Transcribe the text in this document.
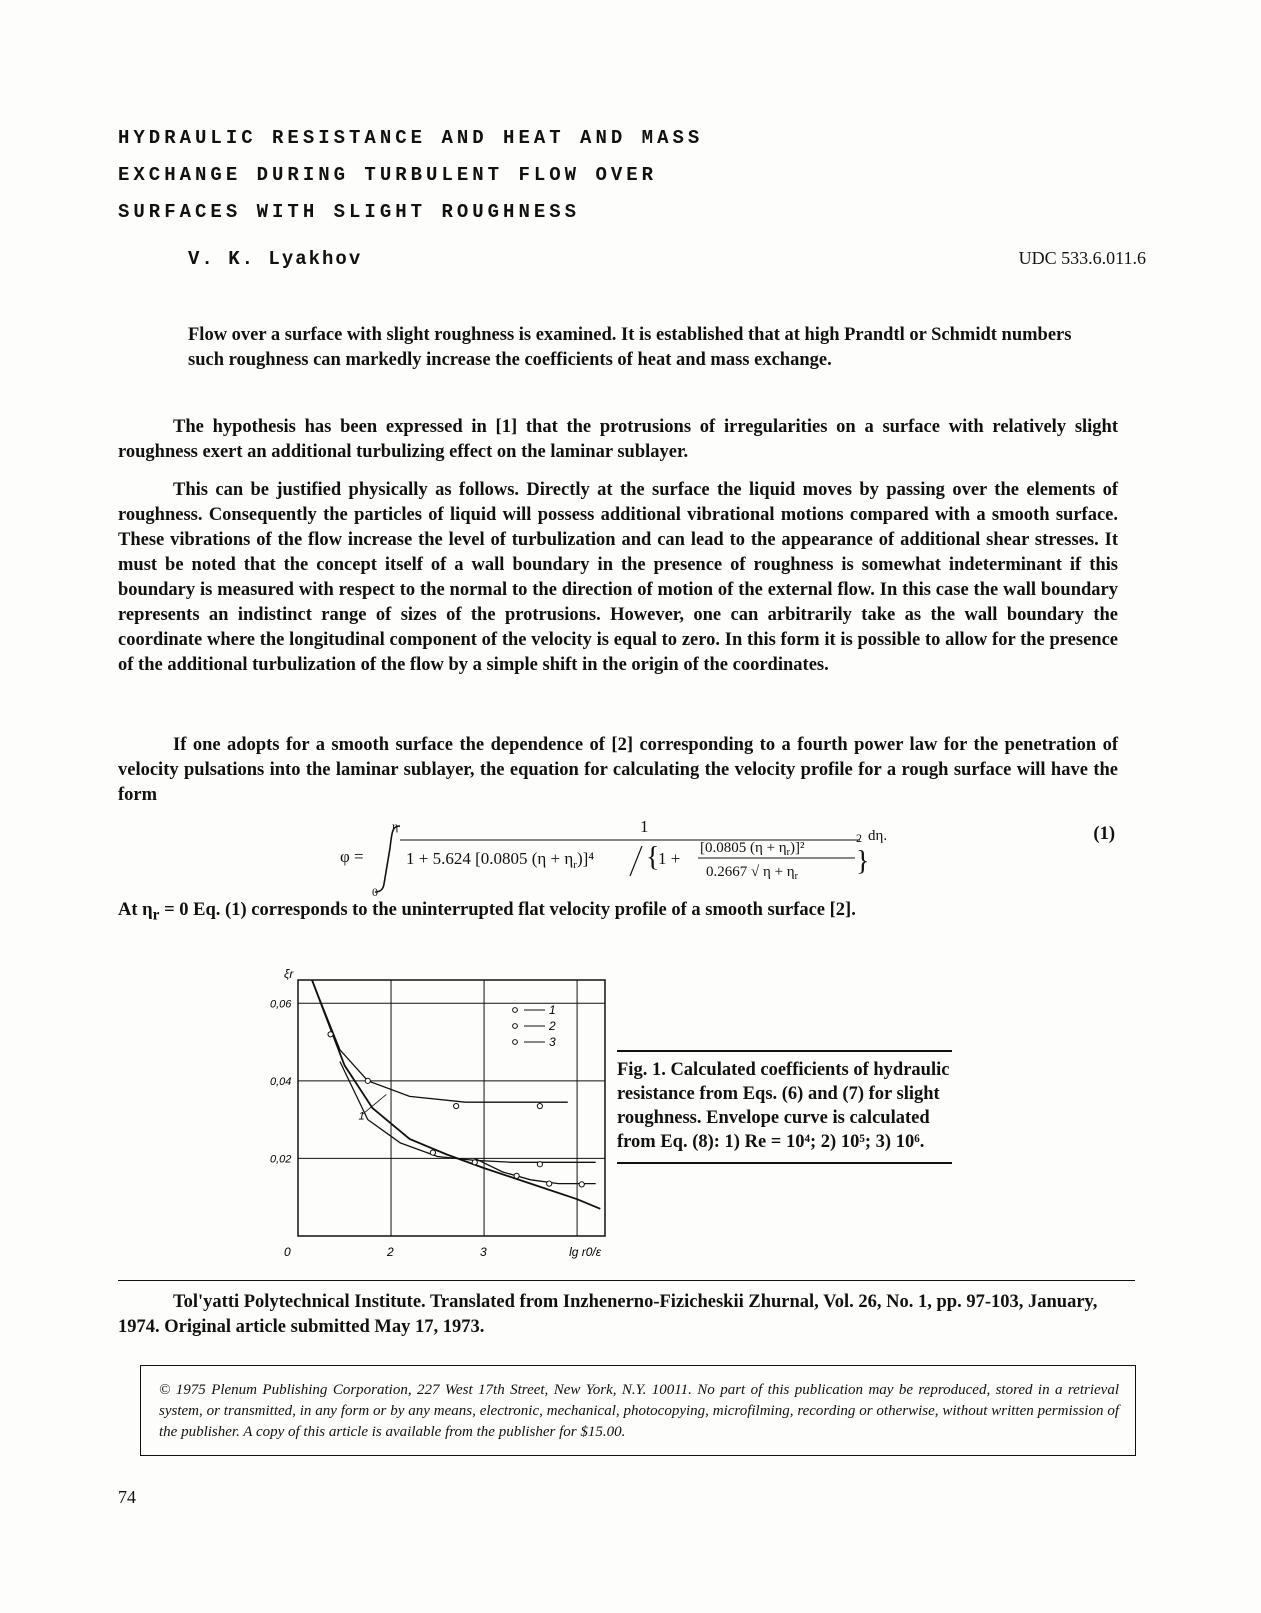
HYDRAULIC RESISTANCE AND HEAT AND MASS
EXCHANGE DURING TURBULENT FLOW OVER
SURFACES WITH SLIGHT ROUGHNESS
V. K. Lyakhov	UDC 533.6.011.6
Flow over a surface with slight roughness is examined. It is established that at high Prandtl or Schmidt numbers such roughness can markedly increase the coefficients of heat and mass exchange.

The hypothesis has been expressed in [1] that the protrusions of irregularities on a surface with relatively slight roughness exert an additional turbulizing effect on the laminar sublayer.

This can be justified physically as follows. Directly at the surface the liquid moves by passing over the elements of roughness. Consequently the particles of liquid will possess additional vibrational motions compared with a smooth surface. These vibrations of the flow increase the level of turbulization and can lead to the appearance of additional shear stresses. It must be noted that the concept itself of a wall boundary in the presence of roughness is somewhat indeterminant if this boundary is measured with respect to the normal to the direction of motion of the external flow. In this case the wall boundary represents an indistinct range of sizes of the protrusions. However, one can arbitrarily take as the wall boundary the coordinate where the longitudinal component of the velocity is equal to zero. In this form it is possible to allow for the presence of the additional turbulization of the flow by a simple shift in the origin of the coordinates.

If one adopts for a smooth surface the dependence of [2] corresponding to a fourth power law for the penetration of velocity pulsations into the laminar sublayer, the equation for calculating the velocity profile for a rough surface will have the form

φ =
η
0
1
1 + 5.624 [0.0805 $(\eta + \eta_r)]^4$ {
1 +
[0.0805 $(\eta + \eta_r)]^2$
0.2667 √ $\eta + \eta_r$ }
2 dη.	(1)
At $\eta_r = 0$ Eq. (1) corresponds to the uninterrupted flat velocity profile of a smooth surface [2].
0,06
0,04
0,02
0	2	3	lg r0/ε
ξr
1
2
3
1
Fig. 1. Calculated coefficients of hydraulic resistance from Eqs. (6) and (7) for slight roughness. Envelope curve is calculated from Eq. (8): 1) Re = 10⁴; 2) 10⁵; 3) 10⁶.
Tol'yatti Polytechnical Institute. Translated from Inzhenerno-Fizicheskii Zhurnal, Vol. 26, No. 1, pp. 97-103, January, 1974. Original article submitted May 17, 1973.
© 1975 Plenum Publishing Corporation, 227 West 17th Street, New York, N.Y. 10011. No part of this publication may be reproduced, stored in a retrieval system, or transmitted, in any form or by any means, electronic, mechanical, photocopying, microfilming, recording or otherwise, without written permission of the publisher. A copy of this article is available from the publisher for $15.00.
74
